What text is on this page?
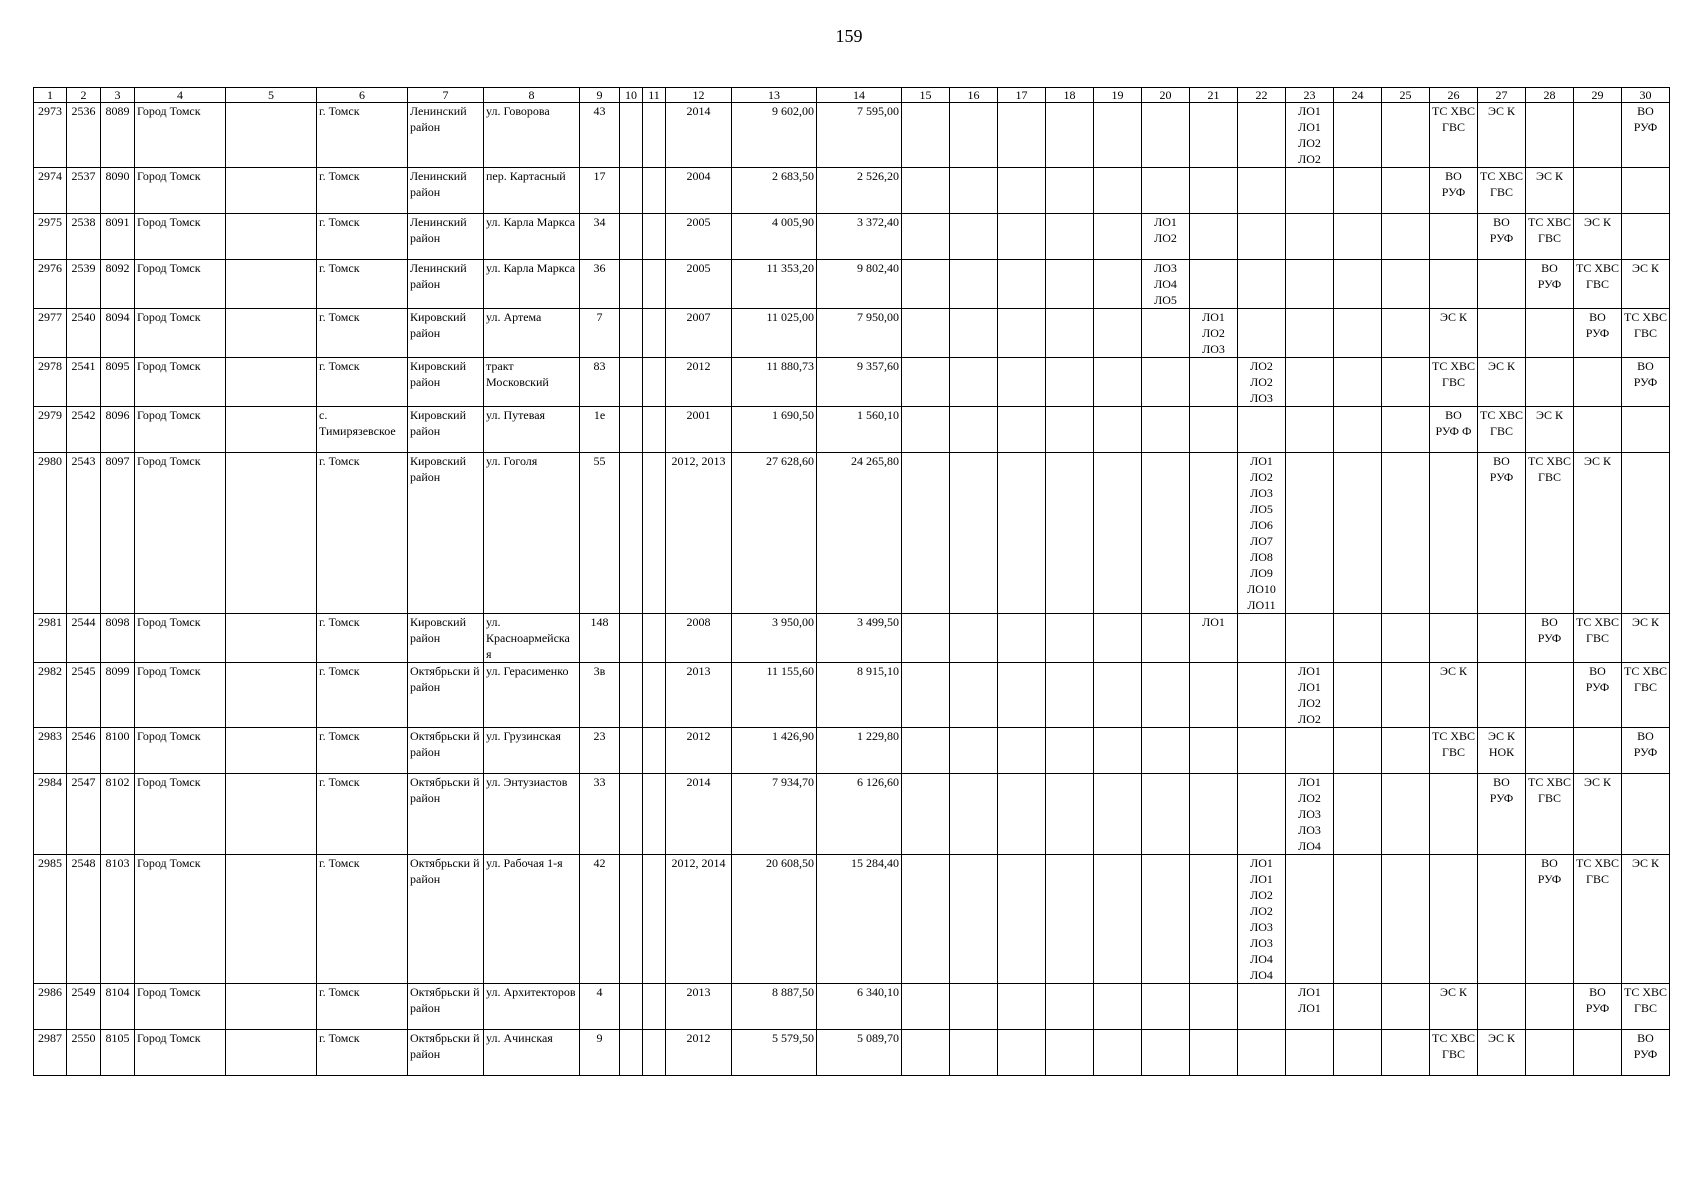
159
1	2	3	4	5	6	7	8	9	10	11	12	13	14	15	16	17	18	19	20	21	22	23	24	25	26	27	28	29	30
2973	2536	8089	Город Томск		г. Томск	Ленинский район	ул. Говорова	43			2014	9 602,00	7 595,00									ЛО1 ЛО1 ЛО2 ЛО2			ТС ХВС ГВС	ЭС К			ВО РУФ
2974	2537	8090	Город Томск		г. Томск	Ленинский район	пер. Картасный	17			2004	2 683,50	2 526,20												ВО РУФ	ТС ХВС ГВС	ЭС К		
2975	2538	8091	Город Томск		г. Томск	Ленинский район	ул. Карла Маркса	34			2005	4 005,90	3 372,40						ЛО1 ЛО2							ВО РУФ	ТС ХВС ГВС	ЭС К	
2976	2539	8092	Город Томск		г. Томск	Ленинский район	ул. Карла Маркса	36			2005	11 353,20	9 802,40						ЛО3 ЛО4 ЛО5								ВО РУФ	ТС ХВС ГВС	ЭС К
2977	2540	8094	Город Томск		г. Томск	Кировский район	ул. Артема	7			2007	11 025,00	7 950,00							ЛО1 ЛО2 ЛО3					ЭС К			ВО РУФ	ТС ХВС ГВС
2978	2541	8095	Город Томск		г. Томск	Кировский район	тракт Московский	83			2012	11 880,73	9 357,60								ЛО2 ЛО2 ЛО3				ТС ХВС ГВС	ЭС К			ВО РУФ
2979	2542	8096	Город Томск		с. Тимирязевское	Кировский район	ул. Путевая	1е			2001	1 690,50	1 560,10												ВО РУФ Ф	ТС ХВС ГВС	ЭС К		
2980	2543	8097	Город Томск		г. Томск	Кировский район	ул. Гоголя	55			2012, 2013	27 628,60	24 265,80								ЛО1 ЛО2 ЛО3 ЛО5 ЛО6 ЛО7 ЛО8 ЛО9 ЛО10 ЛО11					ВО РУФ	ТС ХВС ГВС	ЭС К	
2981	2544	8098	Город Томск		г. Томск	Кировский район	ул. Красноармейска я	148			2008	3 950,00	3 499,50							ЛО1							ВО РУФ	ТС ХВС ГВС	ЭС К
2982	2545	8099	Город Томск		г. Томск	Октябрьски й район	ул. Герасименко	3в			2013	11 155,60	8 915,10									ЛО1 ЛО1 ЛО2 ЛО2			ЭС К			ВО РУФ	ТС ХВС ГВС
2983	2546	8100	Город Томск		г. Томск	Октябрьски й район	ул. Грузинская	23			2012	1 426,90	1 229,80												ТС ХВС ГВС	ЭС К НОК			ВО РУФ
2984	2547	8102	Город Томск		г. Томск	Октябрьски й район	ул. Энтузиастов	33			2014	7 934,70	6 126,60									ЛО1 ЛО2 ЛО3 ЛО3 ЛО4				ВО РУФ	ТС ХВС ГВС	ЭС К	
2985	2548	8103	Город Томск		г. Томск	Октябрьски й район	ул. Рабочая 1-я	42			2012, 2014	20 608,50	15 284,40								ЛО1 ЛО1 ЛО2 ЛО2 ЛО3 ЛО3 ЛО4 ЛО4						ВО РУФ	ТС ХВС ГВС	ЭС К
2986	2549	8104	Город Томск		г. Томск	Октябрьски й район	ул. Архитекторов	4			2013	8 887,50	6 340,10									ЛО1 ЛО1			ЭС К			ВО РУФ	ТС ХВС ГВС
2987	2550	8105	Город Томск		г. Томск	Октябрьски й район	ул. Ачинская	9			2012	5 579,50	5 089,70												ТС ХВС ГВС	ЭС К			ВО РУФ
